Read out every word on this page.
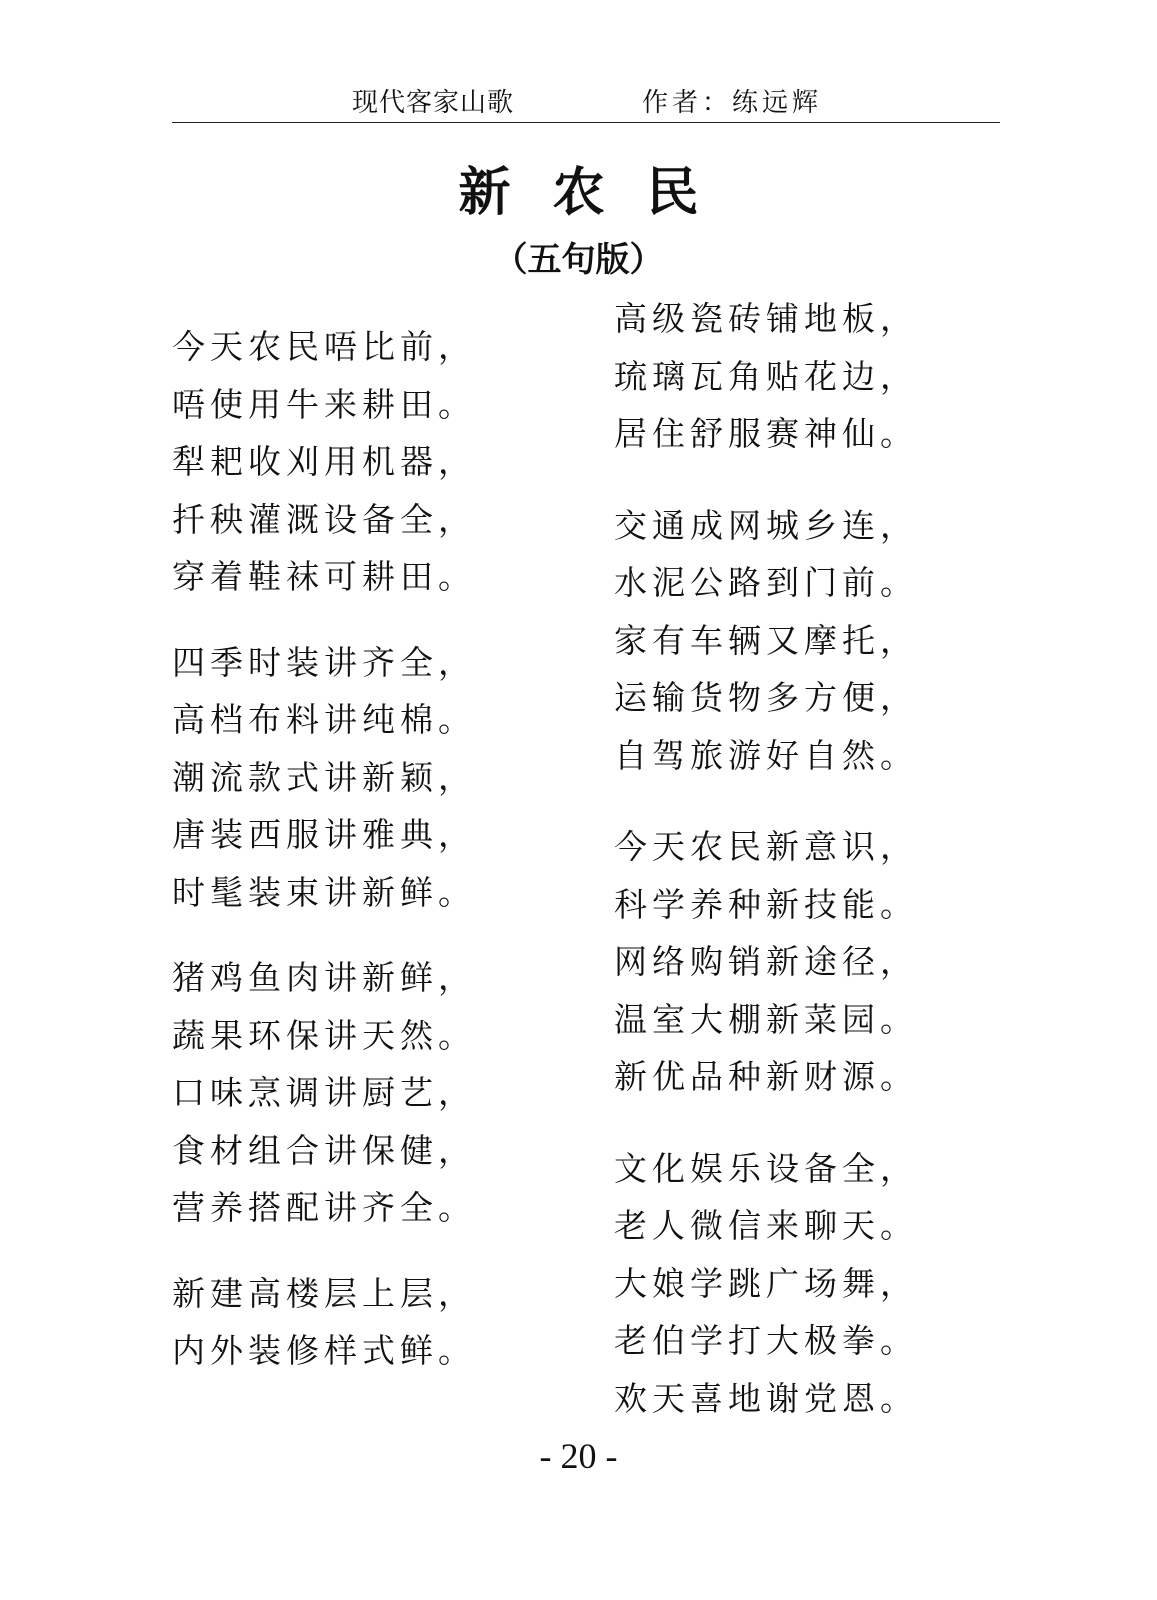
现代客家山歌	作者：练远辉
新农民
（五句版）
今天农民唔比前，
唔使用牛来耕田。
犁耙收刈用机器，
扦秧灌溉设备全，
穿着鞋袜可耕田。
四季时装讲齐全，
高档布料讲纯棉。
潮流款式讲新颖，
唐装西服讲雅典，
时髦装束讲新鲜。
猪鸡鱼肉讲新鲜，
蔬果环保讲天然。
口味烹调讲厨艺，
食材组合讲保健，
营养搭配讲齐全。
新建高楼层上层，
内外装修样式鲜。
高级瓷砖铺地板，
琉璃瓦角贴花边，
居住舒服赛神仙。
交通成网城乡连，
水泥公路到门前。
家有车辆又摩托，
运输货物多方便，
自驾旅游好自然。
今天农民新意识，
科学养种新技能。
网络购销新途径，
温室大棚新菜园。
新优品种新财源。
文化娱乐设备全，
老人微信来聊天。
大娘学跳广场舞，
老伯学打大极拳。
欢天喜地谢党恩。
- 20 -
